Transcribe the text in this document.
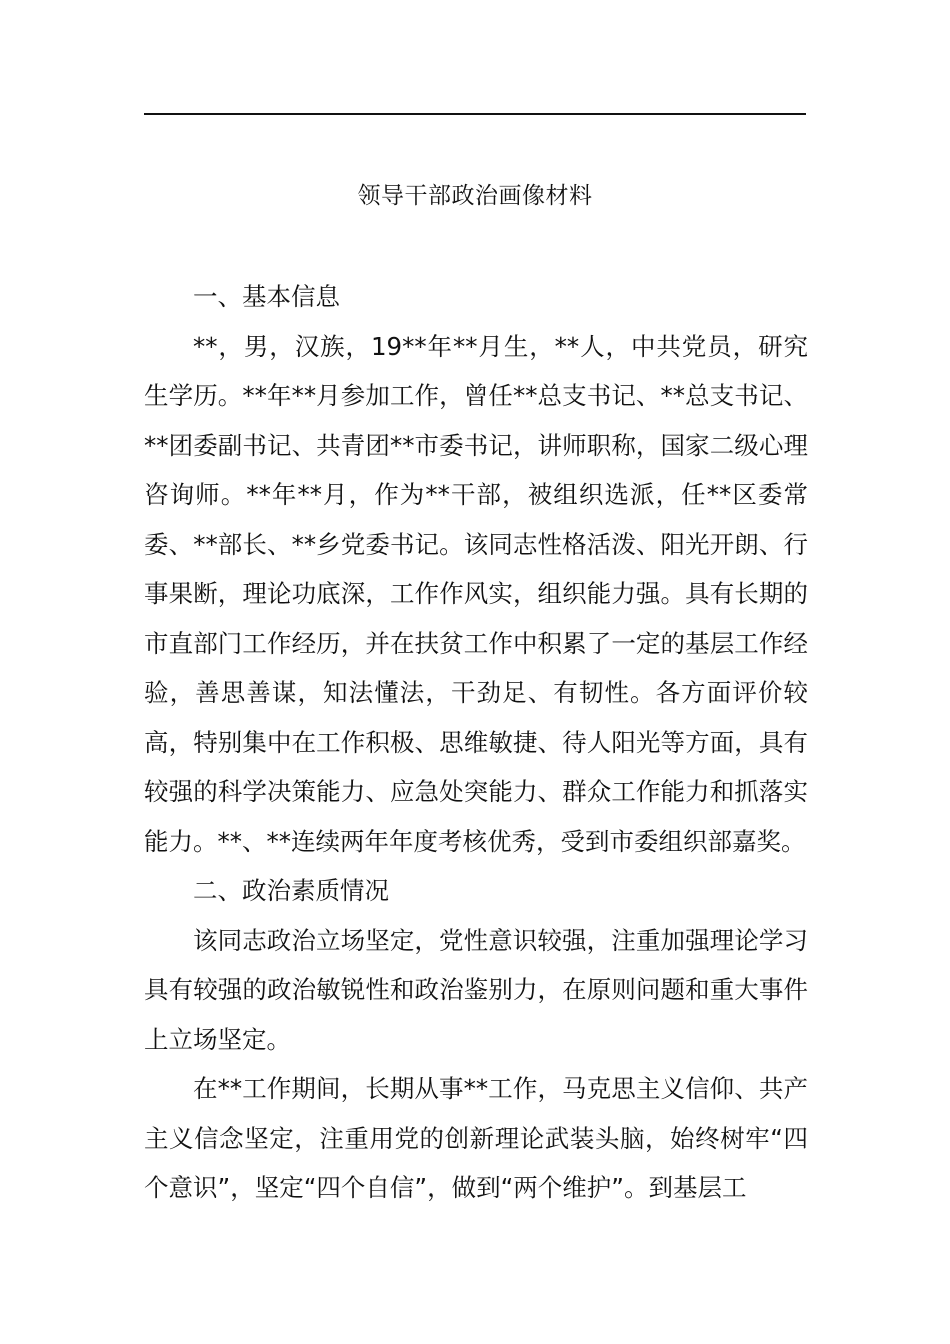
领导干部政治画像材料

一、基本信息

**，男，汉族，19**年**月生，**人，中共党员，研究生学历。**年**月参加工作，曾任**总支书记、**总支书记、**团委副书记、共青团**市委书记，讲师职称，国家二级心理咨询师。**年**月，作为**干部，被组织选派，任**区委常委、**部长、**乡党委书记。该同志性格活泼、阳光开朗、行事果断，理论功底深，工作作风实，组织能力强。具有长期的市直部门工作经历，并在扶贫工作中积累了一定的基层工作经验，善思善谋，知法懂法，干劲足、有韧性。各方面评价较高，特别集中在工作积极、思维敏捷、待人阳光等方面，具有较强的科学决策能力、应急处突能力、群众工作能力和抓落实能力。**、**连续两年年度考核优秀，受到市委组织部嘉奖。

二、政治素质情况

该同志政治立场坚定，党性意识较强，注重加强理论学习具有较强的政治敏锐性和政治鉴别力，在原则问题和重大事件上立场坚定。

在**工作期间，长期从事**工作，马克思主义信仰、共产主义信念坚定，注重用党的创新理论武装头脑，始终树牢“四个意识”，坚定“四个自信”，做到“两个维护”。到基层工
